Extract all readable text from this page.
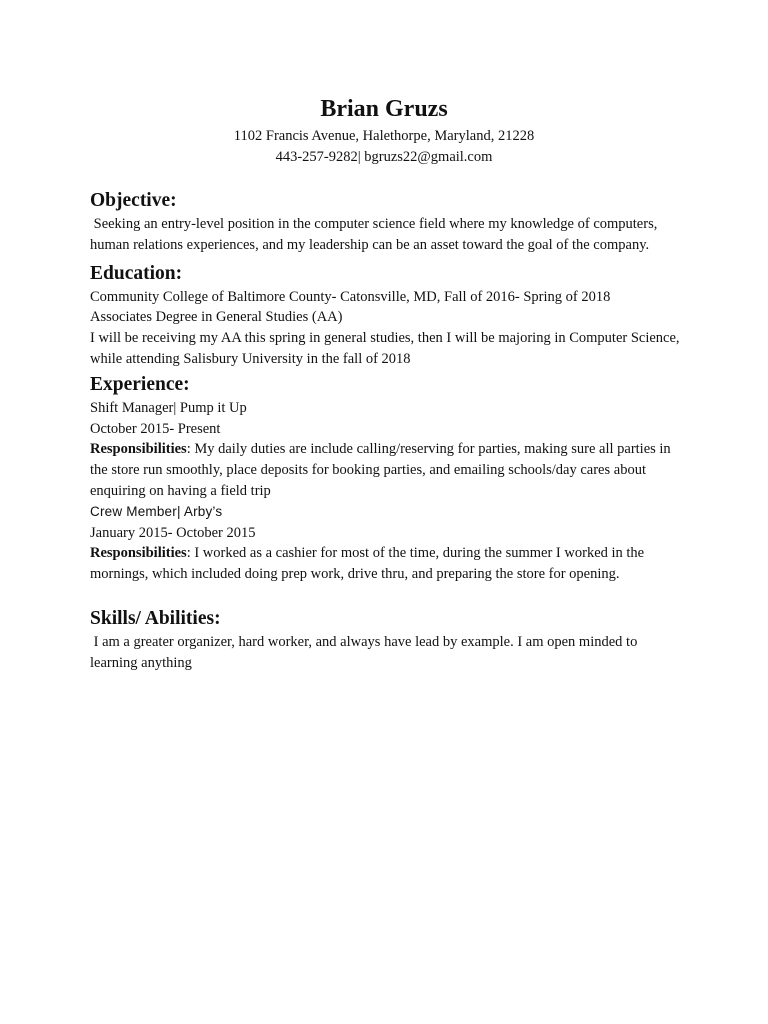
Brian Gruzs
1102 Francis Avenue, Halethorpe, Maryland, 21228
443-257-9282| bgruzs22@gmail.com
Objective:

Seeking an entry-level position in the computer science field where my knowledge of computers, human relations experiences, and my leadership can be an asset toward the goal of the company.

Education:

Community College of Baltimore County- Catonsville, MD, Fall of 2016- Spring of 2018

Associates Degree in General Studies (AA)

I will be receiving my AA this spring in general studies, then I will be majoring in Computer Science, while attending Salisbury University in the fall of 2018

Experience:

Shift Manager| Pump it Up

October 2015- Present

Responsibilities: My daily duties are include calling/reserving for parties, making sure all parties in the store run smoothly, place deposits for booking parties, and emailing schools/day cares about enquiring on having a field trip

Crew Member| Arby’s

January 2015- October 2015

Responsibilities: I worked as a cashier for most of the time, during the summer I worked in the mornings, which included doing prep work, drive thru, and preparing the store for opening.

Skills/ Abilities:

I am a greater organizer, hard worker, and always have lead by example. I am open minded to learning anything
